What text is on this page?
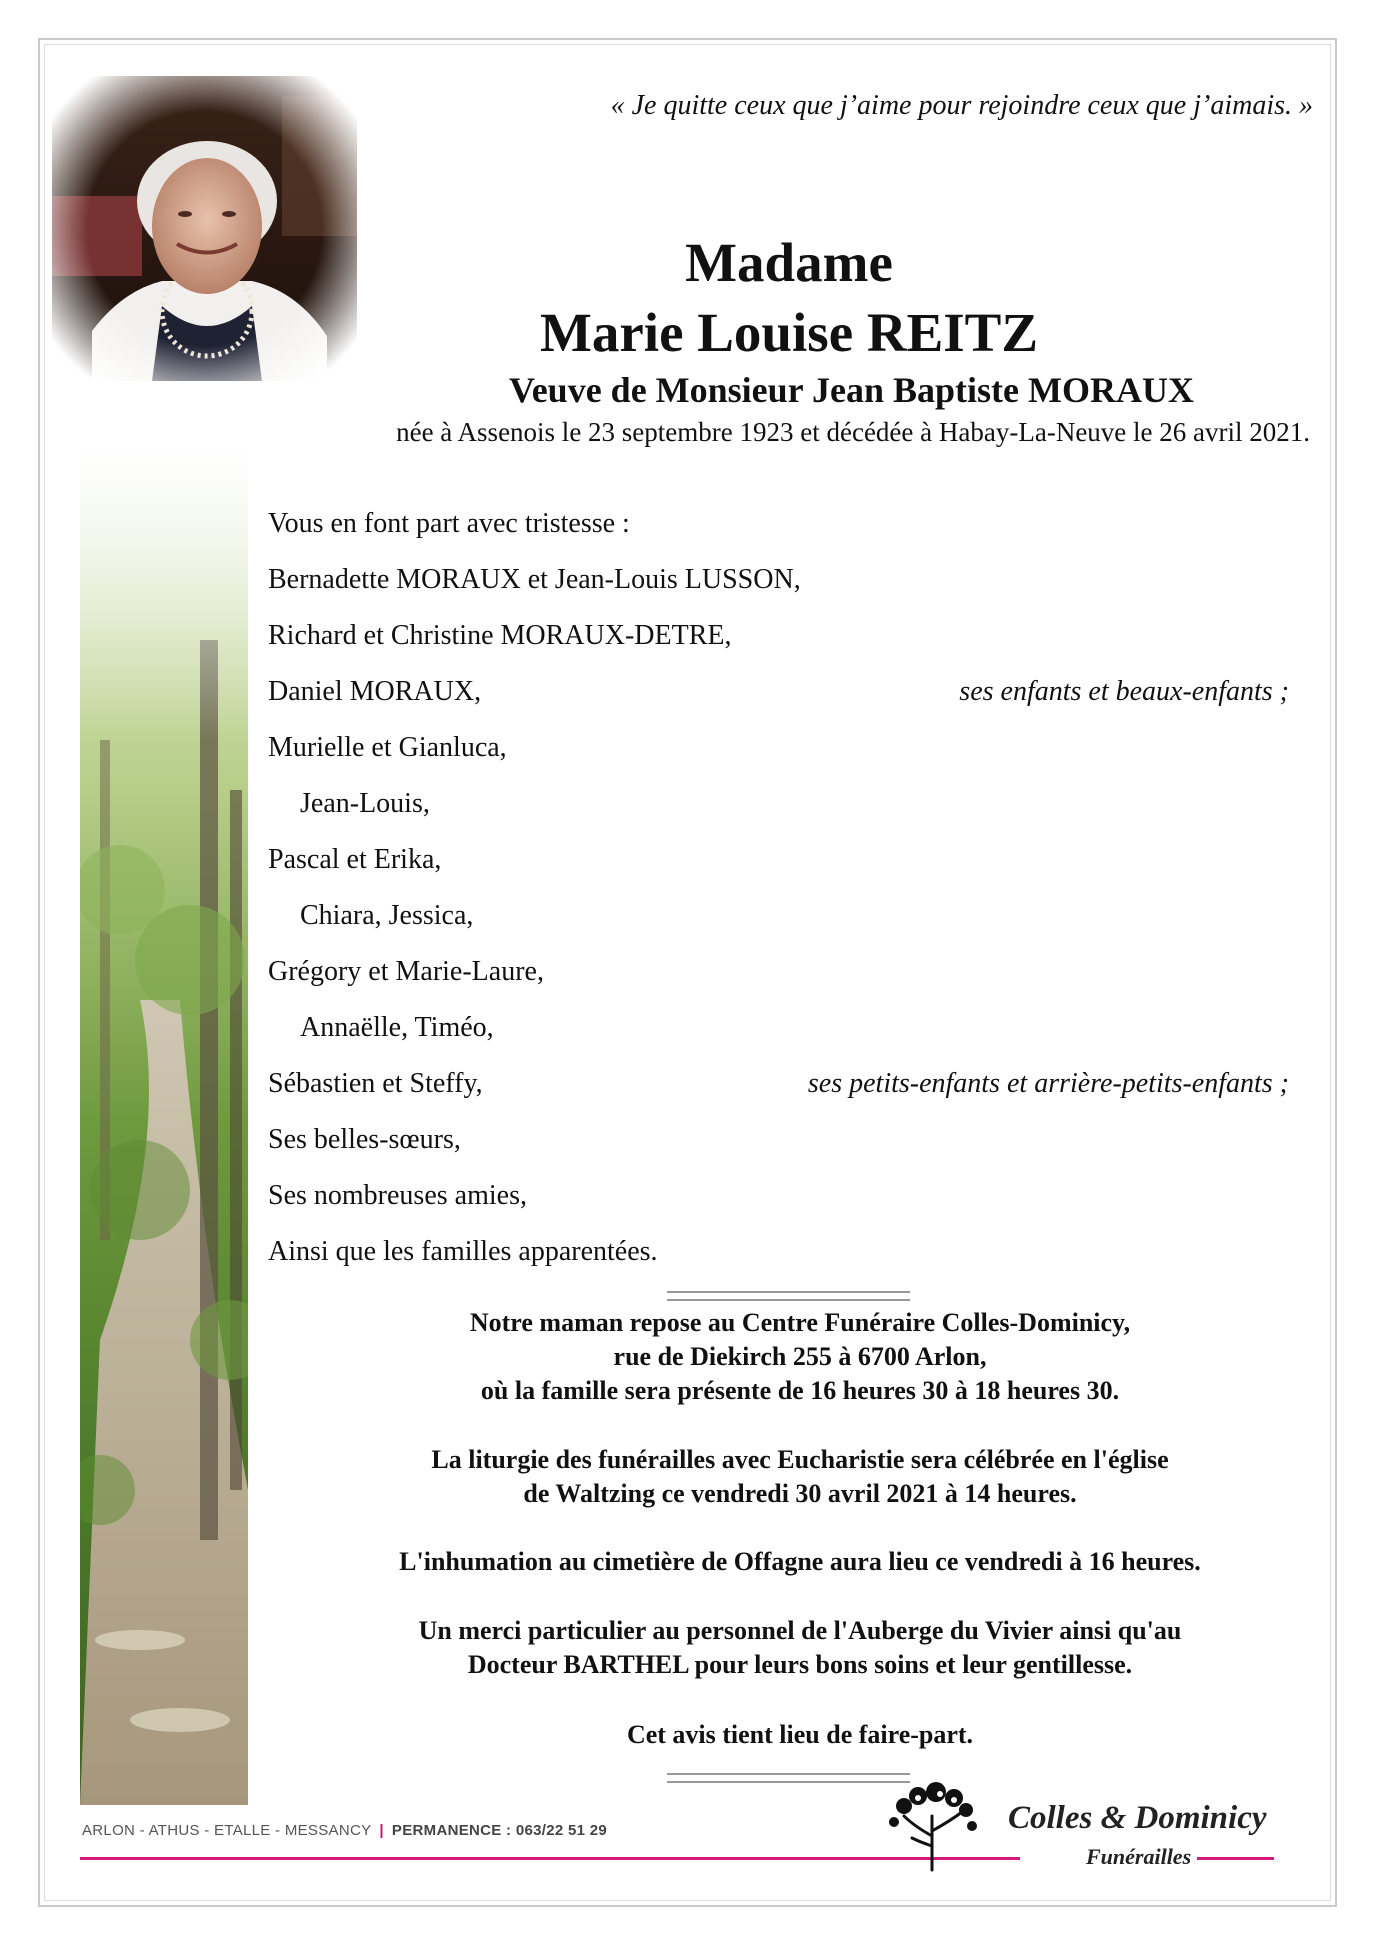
« Je quitte ceux que j’aime pour rejoindre ceux que j’aimais. »
Madame
Marie Louise REITZ
Veuve de Monsieur Jean Baptiste MORAUX
née à Assenois le 23 septembre 1923 et décédée à Habay-La-Neuve le 26 avril 2021.
Vous en font part avec tristesse :
Bernadette MORAUX et Jean-Louis LUSSON,
Richard et Christine MORAUX-DETRE,
Daniel MORAUX,	ses enfants et beaux-enfants ;
Murielle et Gianluca,
Jean-Louis,
Pascal et Erika,
Chiara, Jessica,
Grégory et Marie-Laure,
Annaëlle, Timéo,
Sébastien et Steffy,	ses petits-enfants et arrière-petits-enfants ;
Ses belles-sœurs,
Ses nombreuses amies,
Ainsi que les familles apparentées.
Notre maman repose au Centre Funéraire Colles-Dominicy,
rue de Diekirch 255 à 6700 Arlon,
où la famille sera présente de 16 heures 30 à 18 heures 30.
La liturgie des funérailles avec Eucharistie sera célébrée en l'église
de Waltzing ce vendredi 30 avril 2021 à 14 heures.
L'inhumation au cimetière de Offagne aura lieu ce vendredi à 16 heures.
Un merci particulier au personnel de l'Auberge du Vivier ainsi qu'au
Docteur BARTHEL pour leurs bons soins et leur gentillesse.
Cet avis tient lieu de faire-part.
ARLON - ATHUS - ETALLE - MESSANCY | PERMANENCE : 063/22 51 29	Colles & Dominicy
Funérailles
